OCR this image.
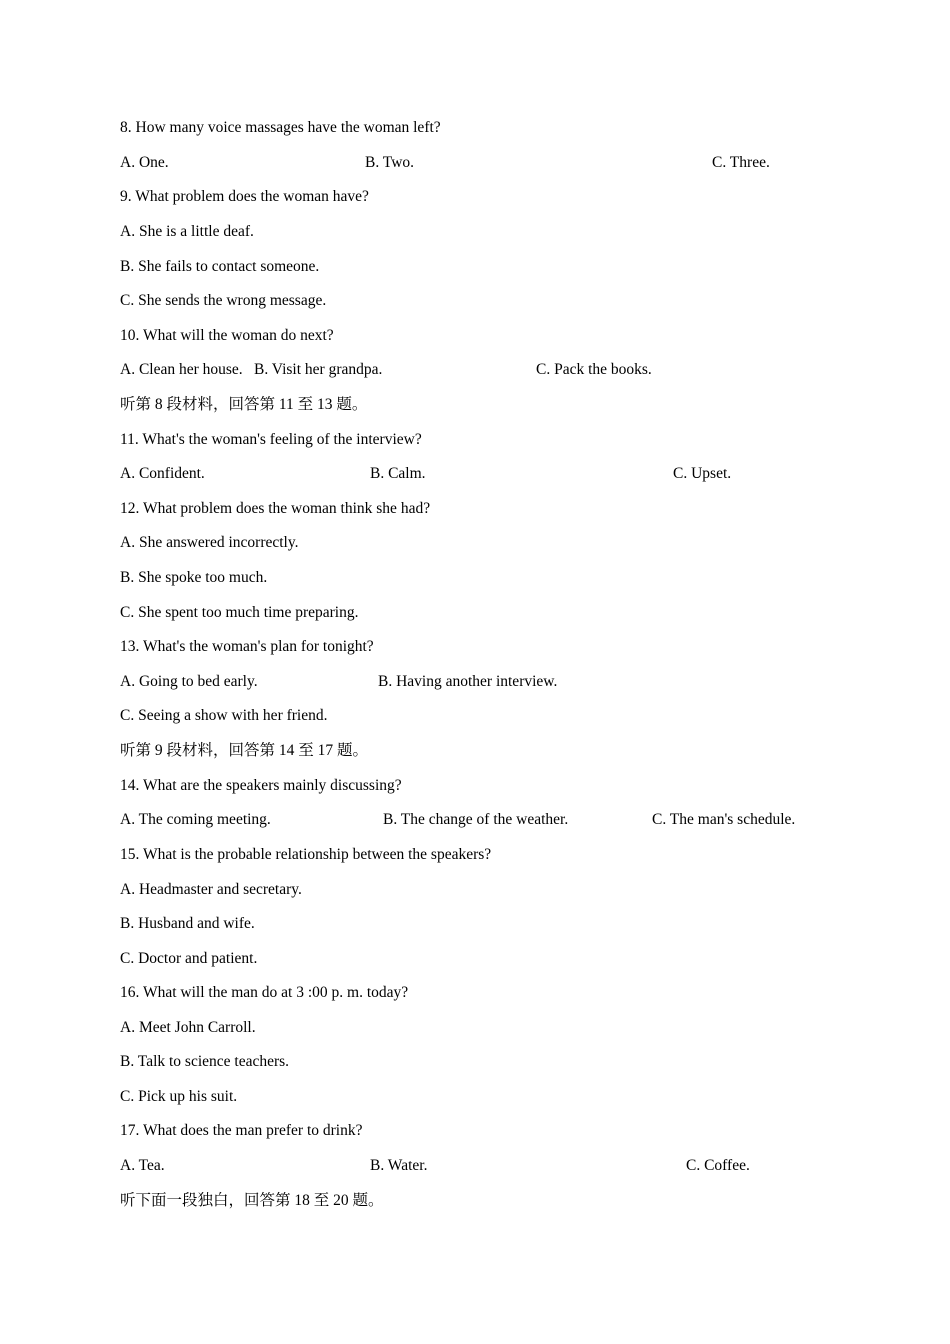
8. How many voice massages have the woman left?
A. One.	B. Two.	C. Three.
9. What problem does the woman have?
A. She is a little deaf.
B. She fails to contact someone.
C. She sends the wrong message.
10. What will the woman do next?
A. Clean her house. B. Visit her grandpa.	C. Pack the books.
听第 8 段材料，回答第 11 至 13 题。
11. What's the woman's feeling of the interview?
A. Confident.	B. Calm.	C. Upset.
12. What problem does the woman think she had?
A. She answered incorrectly.
B. She spoke too much.
C. She spent too much time preparing.
13. What's the woman's plan for tonight?
A. Going to bed early.	B. Having another interview.
C. Seeing a show with her friend.
听第 9 段材料，回答第 14 至 17 题。
14. What are the speakers mainly discussing?
A. The coming meeting.	B. The change of the weather.	C. The man's schedule.
15. What is the probable relationship between the speakers?
A. Headmaster and secretary.
B. Husband and wife.
C. Doctor and patient.
16. What will the man do at 3 :00 p. m. today?
A. Meet John Carroll.
B. Talk to science teachers.
C. Pick up his suit.
17. What does the man prefer to drink?
A. Tea.	B. Water.	C. Coffee.
听下面一段独白，回答第 18 至 20 题。
